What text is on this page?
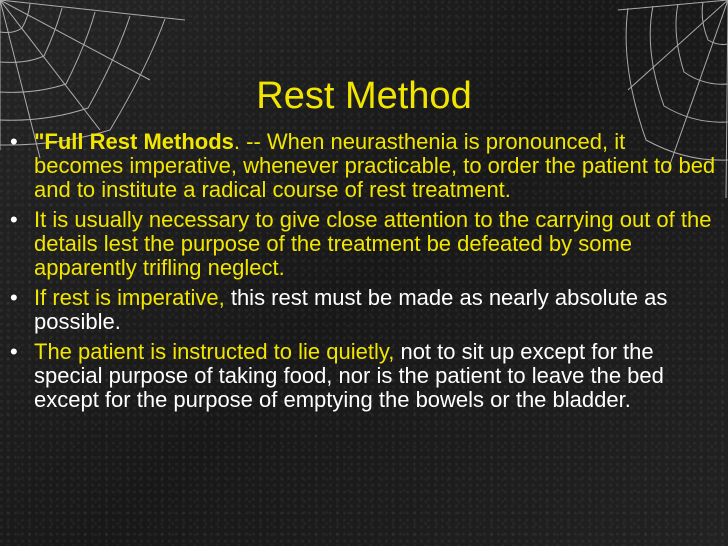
Rest Method
• "Full Rest Methods. -- When neurasthenia is pronounced, it becomes imperative, whenever practicable, to order the patient to bed and to institute a radical course of rest treatment.
• It is usually necessary to give close attention to the carrying out of the details lest the purpose of the treatment be defeated by some apparently trifling neglect.
• If rest is imperative, this rest must be made as nearly absolute as possible.
• The patient is instructed to lie quietly, not to sit up except for the special purpose of taking food, nor is the patient to leave the bed except for the purpose of emptying the bowels or the bladder.
